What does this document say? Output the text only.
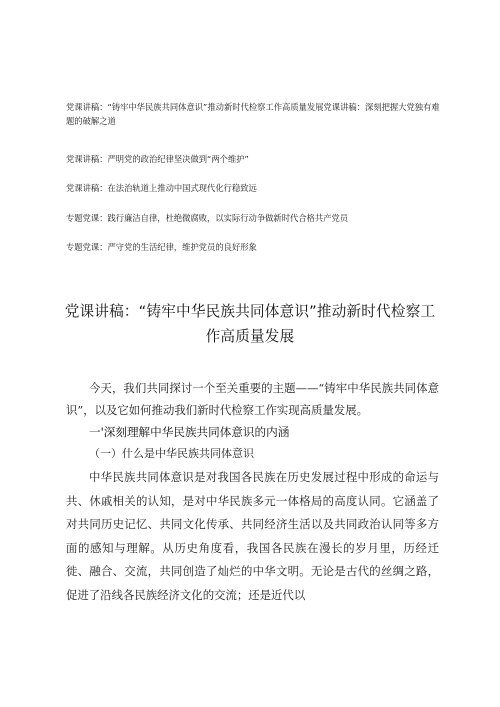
党课讲稿：“铸牢中华民族共同体意识”推动新时代检察工作高质量发展党课讲稿：深刻把握大党独有难题的破解之道

党课讲稿：严明党的政治纪律坚决做到“两个维护”

党课讲稿：在法治轨道上推动中国式现代化行稳致远

专题党课：践行廉洁自律，杜绝微腐败，以实际行动争做新时代合格共产党员

专题党课：严守党的生活纪律，维护党员的良好形象

党课讲稿：“铸牢中华民族共同体意识”推动新时代检察工作高质量发展
今天，我们共同探讨一个至关重要的主题——“铸牢中华民族共同体意识”，以及它如何推动我们新时代检察工作实现高质量发展。
一'深刻理解中华民族共同体意识的内涵
（一）什么是中华民族共同体意识
中华民族共同体意识是对我国各民族在历史发展过程中形成的命运与共、休戚相关的认知，是对中华民族多元一体格局的高度认同。它涵盖了对共同历史记忆、共同文化传承、共同经济生活以及共同政治认同等多方面的感知与理解。从历史角度看，我国各民族在漫长的岁月里，历经迁徙、融合、交流，共同创造了灿烂的中华文明。无论是古代的丝绸之路，促进了沿线各民族经济文化的交流；还是近代以
